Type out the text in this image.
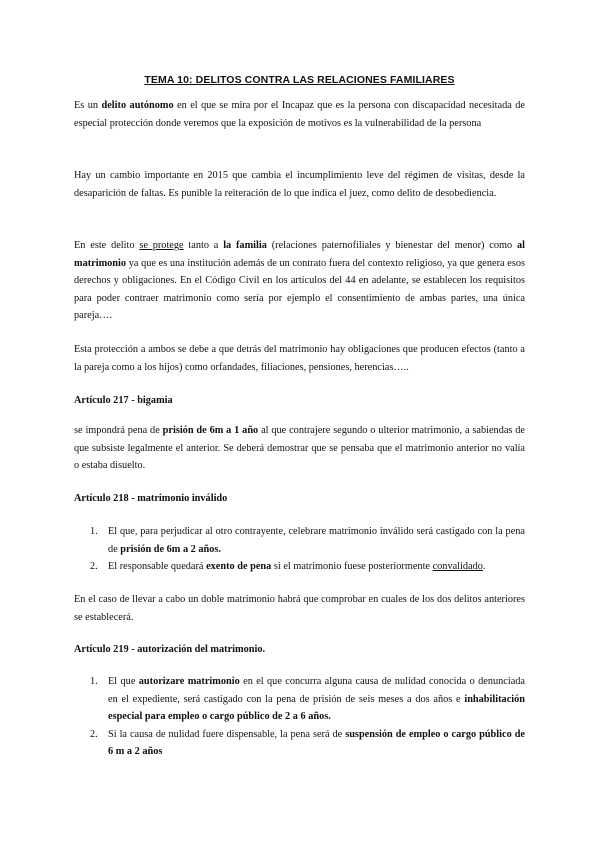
TEMA 10: DELITOS CONTRA LAS RELACIONES FAMILIARES

Es un delito autónomo en el que se mira por el Incapaz que es la persona con discapacidad necesitada de especial protección donde veremos que la exposición de motivos es la vulnerabilidad de la persona

Hay un cambio importante en 2015 que cambia el incumplimiento leve del régimen de visitas, desde la desaparición de faltas. Es punible la reiteración de lo que indica el juez, como delito de desobediencia.

En este delito se protege tanto a la familia (relaciones paternofiliales y bienestar del menor) como al matrimonio ya que es una institución además de un contrato fuera del contexto religioso, ya que genera esos derechos y obligaciones. En el Código Civil en los artículos del 44 en adelante, se establecen los requisitos para poder contraer matrimonio como sería por ejemplo el consentimiento de ambas partes, una única pareja….

Esta protección a ambos se debe a que detrás del matrimonio hay obligaciones que producen efectos (tanto a la pareja como a los hijos) como orfandades, filiaciones, pensiones, herencias…..

Artículo 217 - bigamia

se impondrá pena de prisión de 6m a 1 año al que contrajere segundo o ulterior matrimonio, a sabiendas de que subsiste legalmente el anterior. Se deberá demostrar que se pensaba que el matrimonio anterior no valía o estaba disuelto.

Artículo 218 - matrimonio inválido

1. El que, para perjudicar al otro contrayente, celebrare matrimonio inválido será castigado con la pena de prisión de 6m a 2 años.
2. El responsable quedará exento de pena si el matrimonio fuese posteriormente convalidado.

En el caso de llevar a cabo un doble matrimonio habrá que comprobar en cuales de los dos delitos anteriores se establecerá.

Artículo 219 - autorización del matrimonio.

1. El que autorizare matrimonio en el que concurra alguna causa de nulidad conocida o denunciada en el expediente, será castigado con la pena de prisión de seis meses a dos años e inhabilitación especial para empleo o cargo público de 2 a 6 años.
2. Si la causa de nulidad fuere dispensable, la pena será de suspensión de empleo o cargo público de 6 m a 2 años
